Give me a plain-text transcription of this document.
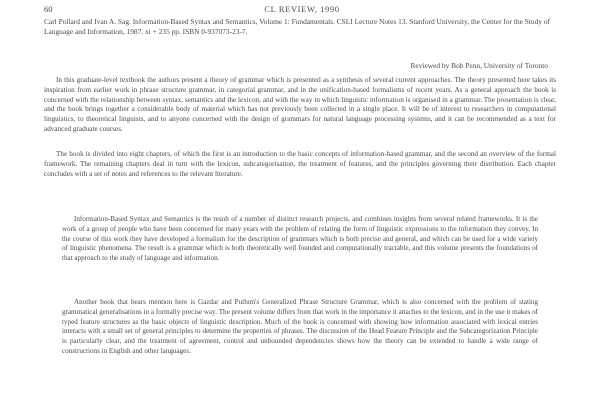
60	CL REVIEW, 1990
Carl Pollard and Ivan A. Sag. Information-Based Syntax and Semantics, Volume 1: Fundamentals. CSLI Lecture Notes 13. Stanford University, the Center for the Study of Language and Information, 1987. xi + 235 pp. ISBN 0-937073-23-7.
Reviewed by Bob Penn, University of Toronto

In this graduate-level textbook the authors present a theory of grammar which is presented as a synthesis of several current approaches. The theory presented here takes its inspiration from earlier work in phrase structure grammar, in categorial grammar, and in the unification-based formalisms of recent years. As a general approach the book is concerned with the relationship between syntax, semantics and the lexicon, and with the way in which linguistic information is organised in a grammar. The presentation is clear, and the book brings together a considerable body of material which has not previously been collected in a single place. It will be of interest to researchers in computational linguistics, to theoretical linguists, and to anyone concerned with the design of grammars for natural language processing systems, and it can be recommended as a text for advanced graduate courses.

The book is divided into eight chapters, of which the first is an introduction to the basic concepts of information-based grammar, and the second an overview of the formal framework. The remaining chapters deal in turn with the lexicon, subcategorisation, the treatment of features, and the principles governing their distribution. Each chapter concludes with a set of notes and references to the relevant literature.

Information-Based Syntax and Semantics is the result of a number of distinct research projects, and combines insights from several related frameworks. It is the work of a group of people who have been concerned for many years with the problem of relating the form of linguistic expressions to the information they convey. In the course of this work they have developed a formalism for the description of grammars which is both precise and general, and which can be used for a wide variety of linguistic phenomena. The result is a grammar which is both theoretically well founded and computationally tractable, and this volume presents the foundations of that approach to the study of language and information.

Another book that bears mention here is Gazdar and Pullum's Generalized Phrase Structure Grammar, which is also concerned with the problem of stating grammatical generalisations in a formally precise way. The present volume differs from that work in the importance it attaches to the lexicon, and in the use it makes of typed feature structures as the basic objects of linguistic description. Much of the book is concerned with showing how information associated with lexical entries interacts with a small set of general principles to determine the properties of phrases. The discussion of the Head Feature Principle and the Subcategorization Principle is particularly clear, and the treatment of agreement, control and unbounded dependencies shows how the theory can be extended to handle a wide range of constructions in English and other languages.
